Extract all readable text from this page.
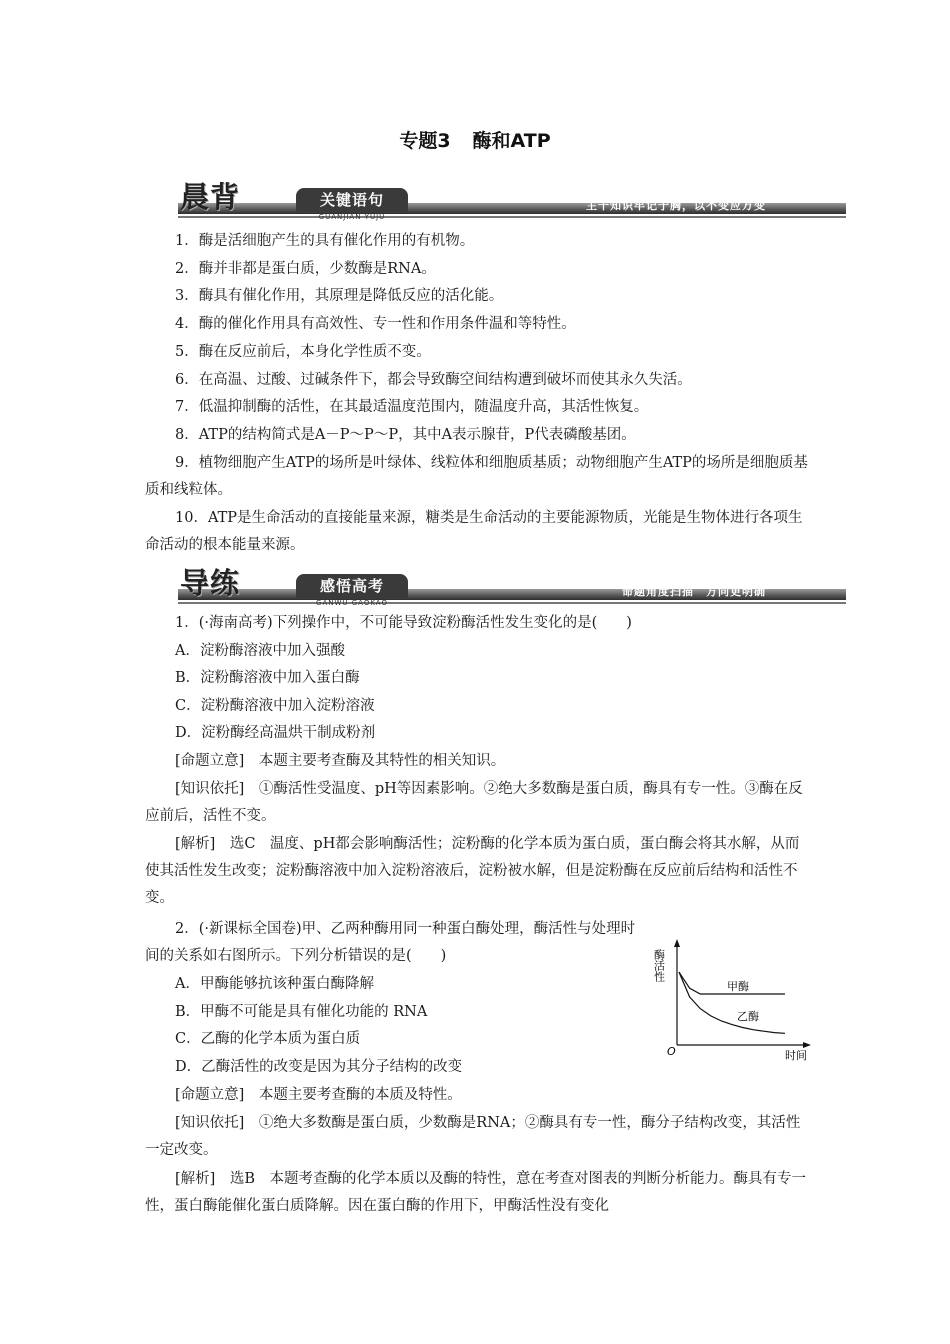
专题3 酶和ATP
晨背	关键语句
GUANJIAN YUJU
主干知识牢记于胸，以不变应万变

1．酶是活细胞产生的具有催化作用的有机物。

2．酶并非都是蛋白质，少数酶是RNA。

3．酶具有催化作用，其原理是降低反应的活化能。

4．酶的催化作用具有高效性、专一性和作用条件温和等特性。

5．酶在反应前后，本身化学性质不变。

6．在高温、过酸、过碱条件下，都会导致酶空间结构遭到破坏而使其永久失活。

7．低温抑制酶的活性，在其最适温度范围内，随温度升高，其活性恢复。

8．ATP的结构简式是A－P～P～P，其中A表示腺苷，P代表磷酸基团。

9．植物细胞产生ATP的场所是叶绿体、线粒体和细胞质基质；动物细胞产生ATP的场所是细胞质基质和线粒体。

10．ATP是生命活动的直接能量来源，糖类是生命活动的主要能源物质，光能是生物体进行各项生命活动的根本能量来源。

导练	感悟高考
GANWU GAOKAO
命题角度扫描　方向更明确

1．(·海南高考)下列操作中，不可能导致淀粉酶活性发生变化的是(　　)

A．淀粉酶溶液中加入强酸

B．淀粉酶溶液中加入蛋白酶

C．淀粉酶溶液中加入淀粉溶液

D．淀粉酶经高温烘干制成粉剂

[命题立意]　本题主要考查酶及其特性的相关知识。

[知识依托]　①酶活性受温度、pH等因素影响。②绝大多数酶是蛋白质，酶具有专一性。③酶在反应前后，活性不变。

[解析]　选C　温度、pH都会影响酶活性；淀粉酶的化学本质为蛋白质，蛋白酶会将其水解，从而使其活性发生改变；淀粉酶溶液中加入淀粉溶液后，淀粉被水解，但是淀粉酶在反应前后结构和活性不变。

2．(·新课标全国卷)甲、乙两种酶用同一种蛋白酶处理，酶活性与处理时间的关系如右图所示。下列分析错误的是(　　)

A．甲酶能够抗该种蛋白酶降解

B．甲酶不可能是具有催化功能的 RNA

C．乙酶的化学本质为蛋白质

D．乙酶活性的改变是因为其分子结构的改变

[命题立意]　本题主要考查酶的本质及特性。

[知识依托]　①绝大多数酶是蛋白质，少数酶是RNA；②酶具有专一性，酶分子结构改变，其活性一定改变。

[解析]　选B　本题考查酶的化学本质以及酶的特性，意在考查对图表的判断分析能力。酶具有专一性，蛋白酶能催化蛋白质降解。因在蛋白酶的作用下，甲酶活性没有变化

酶活性
时间
O
甲酶
乙酶
